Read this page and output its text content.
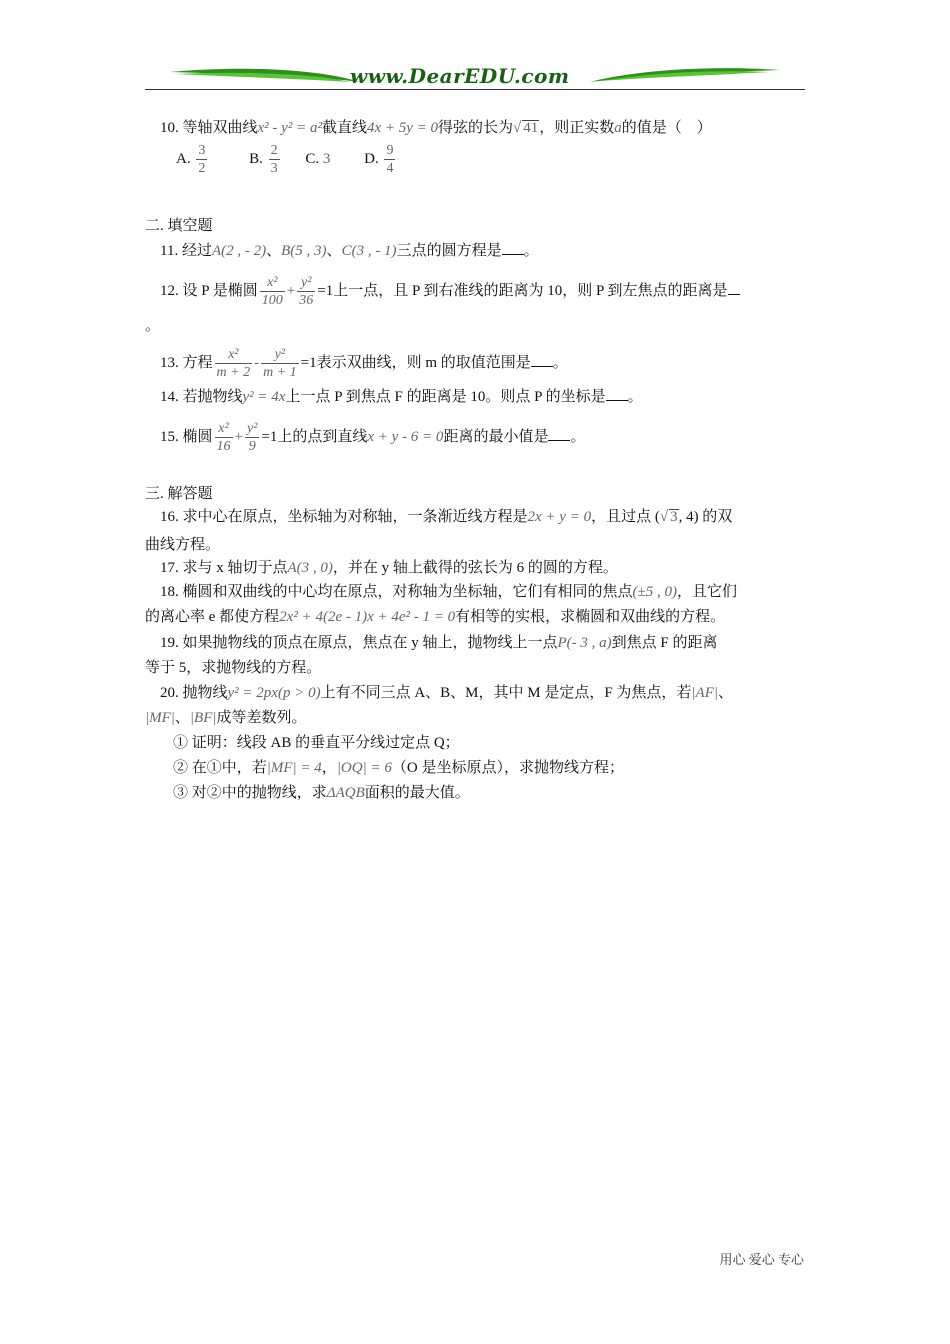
www.DearEDU.com
10. 等轴双曲线x² - y² = a²截直线4x + 5y = 0得弦的长为√ 41，则正实数a的值是（　）
A. $\frac{3}{2}$	B. $\frac{2}{3} C$. 3 D. $\frac{9}{4}$
二. 填空题
11. 经过A(2 , - 2)、B(5 , 3)、C(3 , - 1)三点的圆方程是 。
12. 设 P 是椭圆 $\frac{\text{x²}}{100} + \frac{\text{y²}}{36} =1$上一点，且 P 到右准线的距离为 10，则 P 到左焦点的距离是
。
13. 方程 $\frac{\text{x²}}{m + 2} - \frac{\text{y²}}{m + 1} =1$表示双曲线，则 m 的取值范围是 。
14. 若抛物线y² = 4x上一点 P 到焦点 F 的距离是 10。则点 P 的坐标是 。
15. 椭圆 $\frac{\text{x²}}{16} + \frac{\text{y²}}{9} =1$上的点到直线x + y - 6 = 0距离的最小值是 。
三. 解答题
16. 求中心在原点，坐标轴为对称轴，一条渐近线方程是2x + y = 0，且过点 (√ 3, 4) 的双
曲线方程。
17. 求与 x 轴切于点A(3 , 0)，并在 y 轴上截得的弦长为 6 的圆的方程。
18. 椭圆和双曲线的中心均在原点，对称轴为坐标轴，它们有相同的焦点(±5 , 0)，且它们
的离心率 e 都使方程2x² + 4(2e - 1)x + 4e² - 1 = 0有相等的实根，求椭圆和双曲线的方程。
19. 如果抛物线的顶点在原点，焦点在 y 轴上，抛物线上一点P(- 3 , a)到焦点 F 的距离
等于 5，求抛物线的方程。
20. 抛物线y² = 2px(p > 0)上有不同三点 A、B、M，其中 M 是定点，F 为焦点，若|AF|、
|MF|、|BF|成等差数列。
① 证明：线段 AB 的垂直平分线过定点 Q；
② 在①中，若|MF| = 4，|OQ| = 6（O 是坐标原点），求抛物线方程；
③ 对②中的抛物线，求ΔAQB面积的最大值。
用心 爱心 专心
